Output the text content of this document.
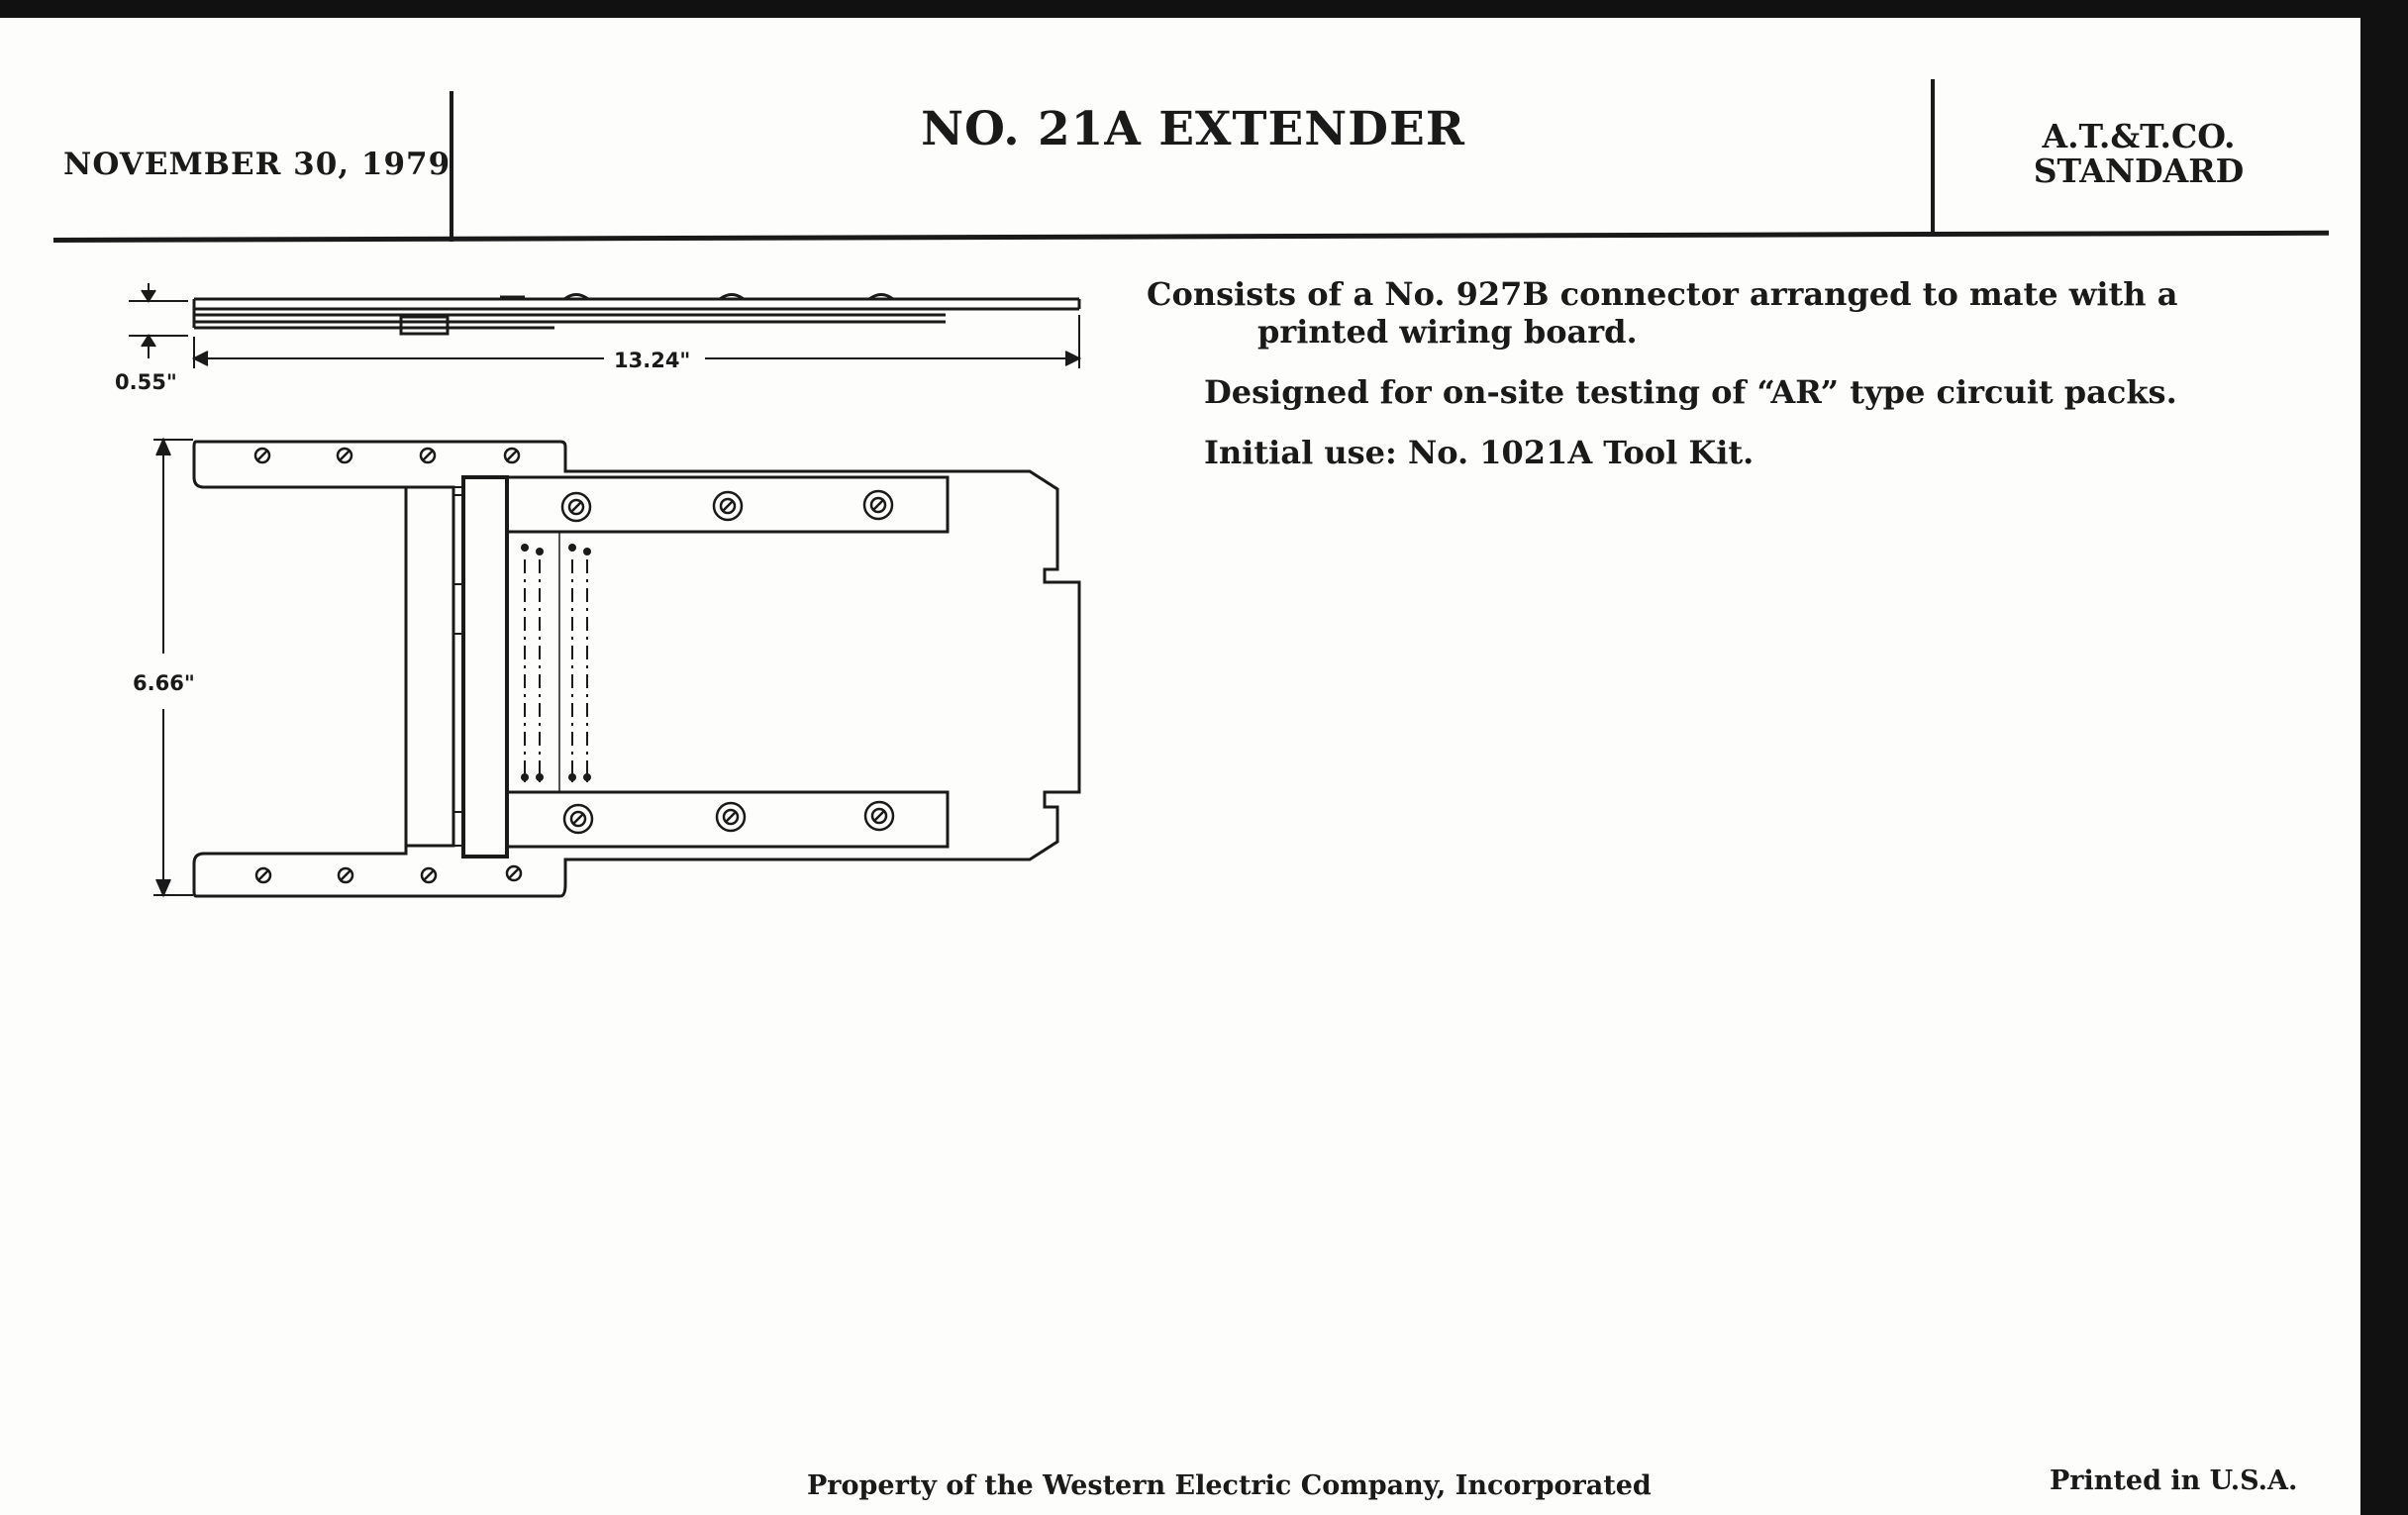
NOVEMBER 30, 1979
NO. 21A EXTENDER	A.T.&T.CO.
STANDARD

Consists of a No. 927B connector arranged to mate with a printed wiring board.

Designed for on-site testing of “AR” type circuit packs.

Initial use: No. 1021A Tool Kit.

0.55"
13.24"
6.66"
Property of the Western Electric Company, Incorporated	Printed in U.S.A.
